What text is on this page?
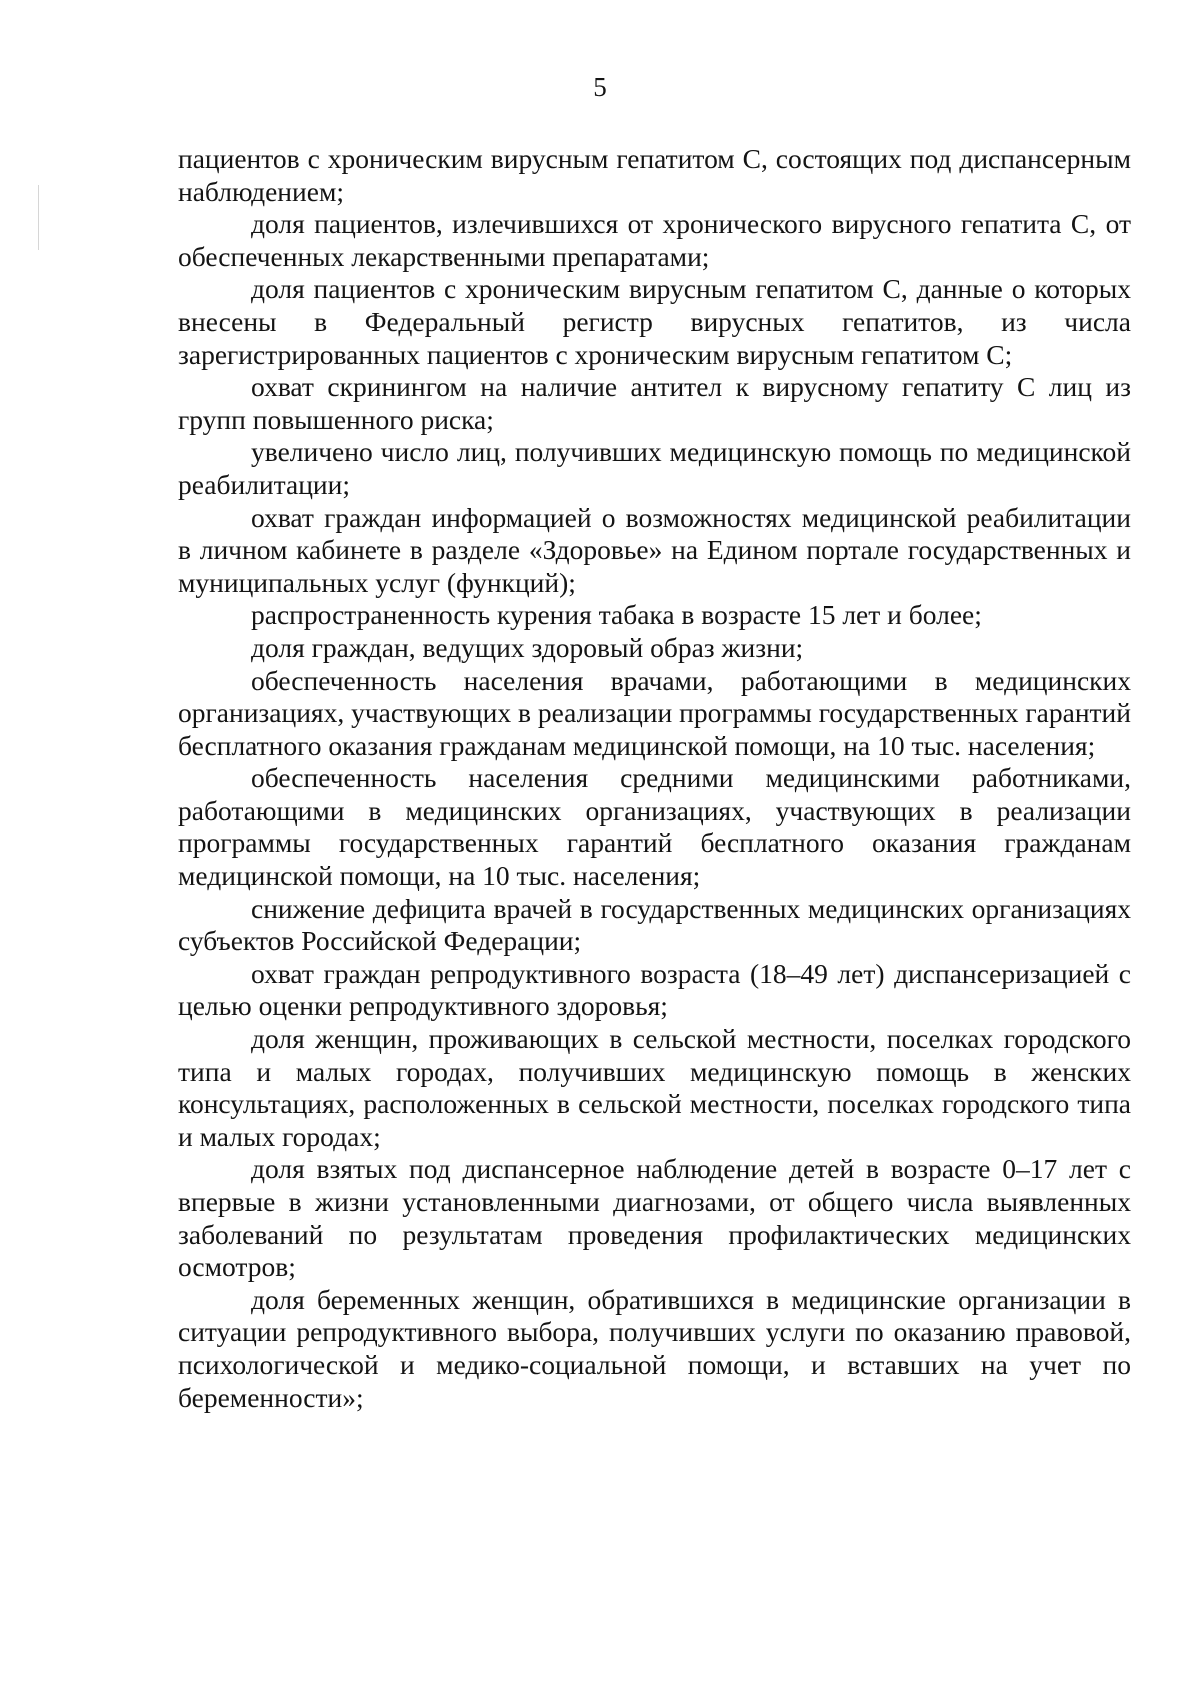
5

пациентов с хроническим вирусным гепатитом С, состоящих под диспансерным наблюдением;

доля пациентов, излечившихся от хронического вирусного гепатита С, от обеспеченных лекарственными препаратами;

доля пациентов с хроническим вирусным гепатитом С, данные о которых внесены в Федеральный регистр вирусных гепатитов, из числа зарегистрированных пациентов с хроническим вирусным гепатитом С;

охват скринингом на наличие антител к вирусному гепатиту С лиц из групп повышенного риска;

увеличено число лиц, получивших медицинскую помощь по медицинской реабилитации;

охват граждан информацией о возможностях медицинской реабилитации в личном кабинете в разделе «Здоровье» на Едином портале государственных и муниципальных услуг (функций);

распространенность курения табака в возрасте 15 лет и более;

доля граждан, ведущих здоровый образ жизни;

обеспеченность населения врачами, работающими в медицинских организациях, участвующих в реализации программы государственных гарантий бесплатного оказания гражданам медицинской помощи, на 10 тыс. населения;

обеспеченность населения средними медицинскими работниками, работающими в медицинских организациях, участвующих в реализации программы государственных гарантий бесплатного оказания гражданам медицинской помощи, на 10 тыс. населения;

снижение дефицита врачей в государственных медицинских организациях субъектов Российской Федерации;

охват граждан репродуктивного возраста (18–49 лет) диспансеризацией с целью оценки репродуктивного здоровья;

доля женщин, проживающих в сельской местности, поселках городского типа и малых городах, получивших медицинскую помощь в женских консультациях, расположенных в сельской местности, поселках городского типа и малых городах;

доля взятых под диспансерное наблюдение детей в возрасте 0–17 лет с впервые в жизни установленными диагнозами, от общего числа выявленных заболеваний по результатам проведения профилактических медицинских осмотров;

доля беременных женщин, обратившихся в медицинские организации в ситуации репродуктивного выбора, получивших услуги по оказанию правовой, психологической и медико-социальной помощи, и вставших на учет по беременности»;
